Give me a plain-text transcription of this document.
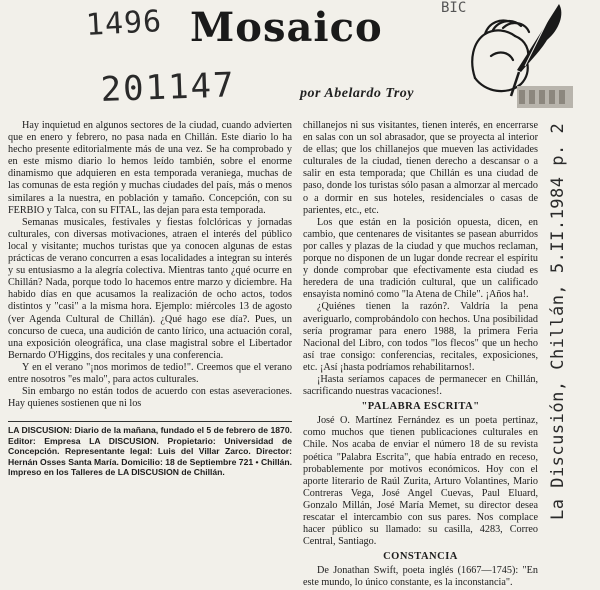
1496
201147
BIC
Mosaico
por Abelardo Troy

Hay inquietud en algunos sectores de la ciudad, cuando advierten que en enero y febrero, no pasa nada en Chillán. Este diario lo ha hecho presente editorialmente más de una vez. Se ha comprobado y en este mismo diario lo hemos leído también, sobre el enorme dinamismo que adquieren en esta temporada veraniega, muchas de las comunas de esta región y muchas ciudades del país, más o menos similares a la nuestra, en población y tamaño. Concepción, con su FERBIO y Talca, con su FITAL, las dejan para esta temporada.

Semanas musicales, festivales y fiestas folclóricas y jornadas culturales, con diversas motivaciones, atraen el interés del público local y visitante; muchos turistas que ya conocen algunas de estas prácticas de verano concurren a esas localidades a integran su interés y su entusiasmo a la alegría colectiva. Mientras tanto ¿qué ocurre en Chillán? Nada, porque todo lo hacemos entre marzo y diciembre. Ha habido días en que acusamos la realización de ocho actos, todos distintos y "casi" a la misma hora. Ejemplo: miércoles 13 de agosto (ver Agenda Cultural de Chillán). ¿Qué hago ese día?. Pues, un concurso de cueca, una audición de canto lírico, una actuación coral, una exposición oleográfica, una clase magistral sobre el Libertador Bernardo O'Higgins, dos recitales y una conferencia.

Y en el verano "¡nos morimos de tedio!". Creemos que el verano entre nosotros "es malo", para actos culturales.

Sin embargo no están todos de acuerdo con estas aseveraciones. Hay quienes sostienen que ni los

LA DISCUSION: Diario de la mañana, fundado el 5 de febrero de 1870. Editor: Empresa LA DISCUSION. Propietario: Universidad de Concepción. Representante legal: Luis del Villar Zarco. Director: Hernán Osses Santa María. Domicilio: 18 de Septiembre 721 • Chillán. Impreso en los Talleres de LA DISCUSION de Chillán.

chillanejos ni sus visitantes, tienen interés, en encerrarse en salas con un sol abrasador, que se proyecta al interior de ellas; que los chillanejos que mueven las actividades culturales de la ciudad, tienen derecho a descansar o a salir en esta temporada; que Chillán es una ciudad de paso, donde los turistas sólo pasan a almorzar al mercado o a dormir en sus hoteles, residenciales o casas de parientes, etc., etc.

Los que están en la posición opuesta, dicen, en cambio, que centenares de visitantes se pasean aburridos por calles y plazas de la ciudad y que muchos reclaman, porque no disponen de un lugar donde recrear el espíritu y donde comprobar que efectivamente esta ciudad es heredera de una tradición cultural, que un calificado ensayista nominó como "la Atena de Chile". ¡Años ha!.

¿Quiénes tienen la razón?. Valdría la pena averiguarlo, comprobándolo con hechos. Una posibilidad sería programar para enero 1988, la primera Feria Nacional del Libro, con todos "los flecos" que un hecho así trae consigo: conferencias, recitales, exposiciones, etc. ¡Así ¡hasta podríamos rehabilitarnos!.

¡Hasta seríamos capaces de permanecer en Chillán, sacrificando nuestras vacaciones!.

"PALABRA ESCRITA"

José O. Martínez Fernández es un poeta pertinaz, como muchos que tienen publicaciones culturales en Chile. Nos acaba de enviar el número 18 de su revista poética "Palabra Escrita", que había entrado en receso, probablemente por motivos económicos. Hoy con el aporte literario de Raúl Zurita, Arturo Volantines, Mario Contreras Vega, José Angel Cuevas, Paul Eluard, Gonzalo Millán, José María Memet, su director desea rescatar el intercambio con sus pares. Nos complace hacer público su llamado: su casilla, 4283, Correo Central, Santiago.

CONSTANCIA

De Jonathan Swift, poeta inglés (1667—1745): "En este mundo, lo único constante, es la inconstancia".

La Discusión, Chillán, 5.II.1984 p. 2
